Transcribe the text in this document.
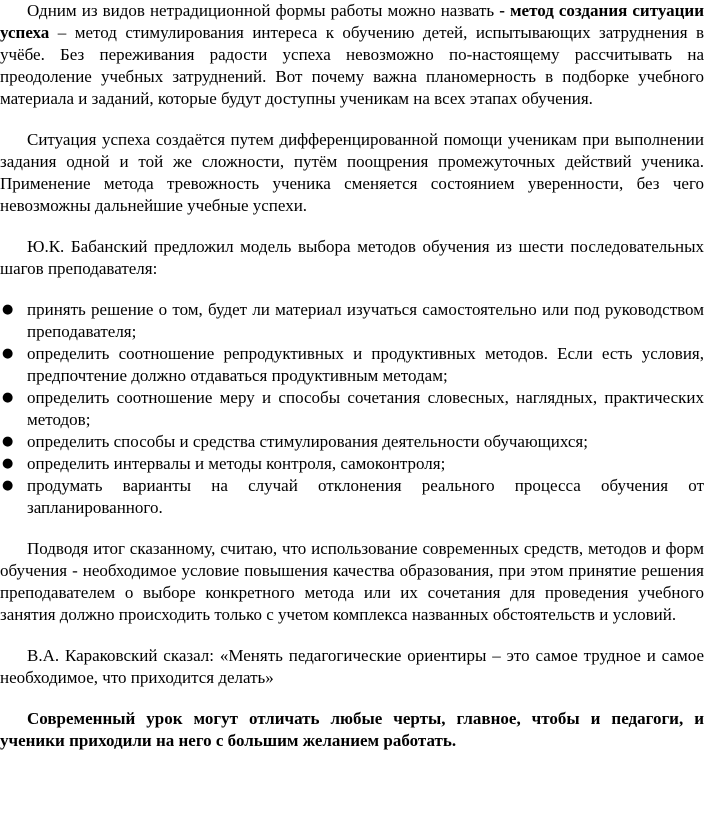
Одним из видов нетрадиционной формы работы можно назвать - метод создания ситуации успеха – метод стимулирования интереса к обучению детей, испытывающих затруднения в учёбе. Без переживания радости успеха невозможно по-настоящему рассчитывать на преодоление учебных затруднений. Вот почему важна планомерность в подборке учебного материала и заданий, которые будут доступны ученикам на всех этапах обучения.

Ситуация успеха создаётся путем дифференцированной помощи ученикам при выполнении задания одной и той же сложности, путём поощрения промежуточных действий ученика. Применение метода тревожность ученика сменяется состоянием уверенности, без чего невозможны дальнейшие учебные успехи.

Ю.К. Бабанский предложил модель выбора методов обучения из шести последовательных шагов преподавателя:

● принять решение о том, будет ли материал изучаться самостоятельно или под руководством преподавателя;
● определить соотношение репродуктивных и продуктивных методов. Если есть условия, предпочтение должно отдаваться продуктивным методам;
● определить соотношение меру и способы сочетания словесных, наглядных, практических методов;
● определить способы и средства стимулирования деятельности обучающихся;
● определить интервалы и методы контроля, самоконтроля;
● продумать варианты на случай отклонения реального процесса обучения от запланированного.

Подводя итог сказанному, считаю, что использование современных средств, методов и форм обучения - необходимое условие повышения качества образования, при этом принятие решения преподавателем о выборе конкретного метода или их сочетания для проведения учебного занятия должно происходить только с учетом комплекса названных обстоятельств и условий.

В.А. Караковский сказал: «Менять педагогические ориентиры – это самое трудное и самое необходимое, что приходится делать»

Современный урок могут отличать любые черты, главное, чтобы и педагоги, и ученики приходили на него с большим желанием работать.
